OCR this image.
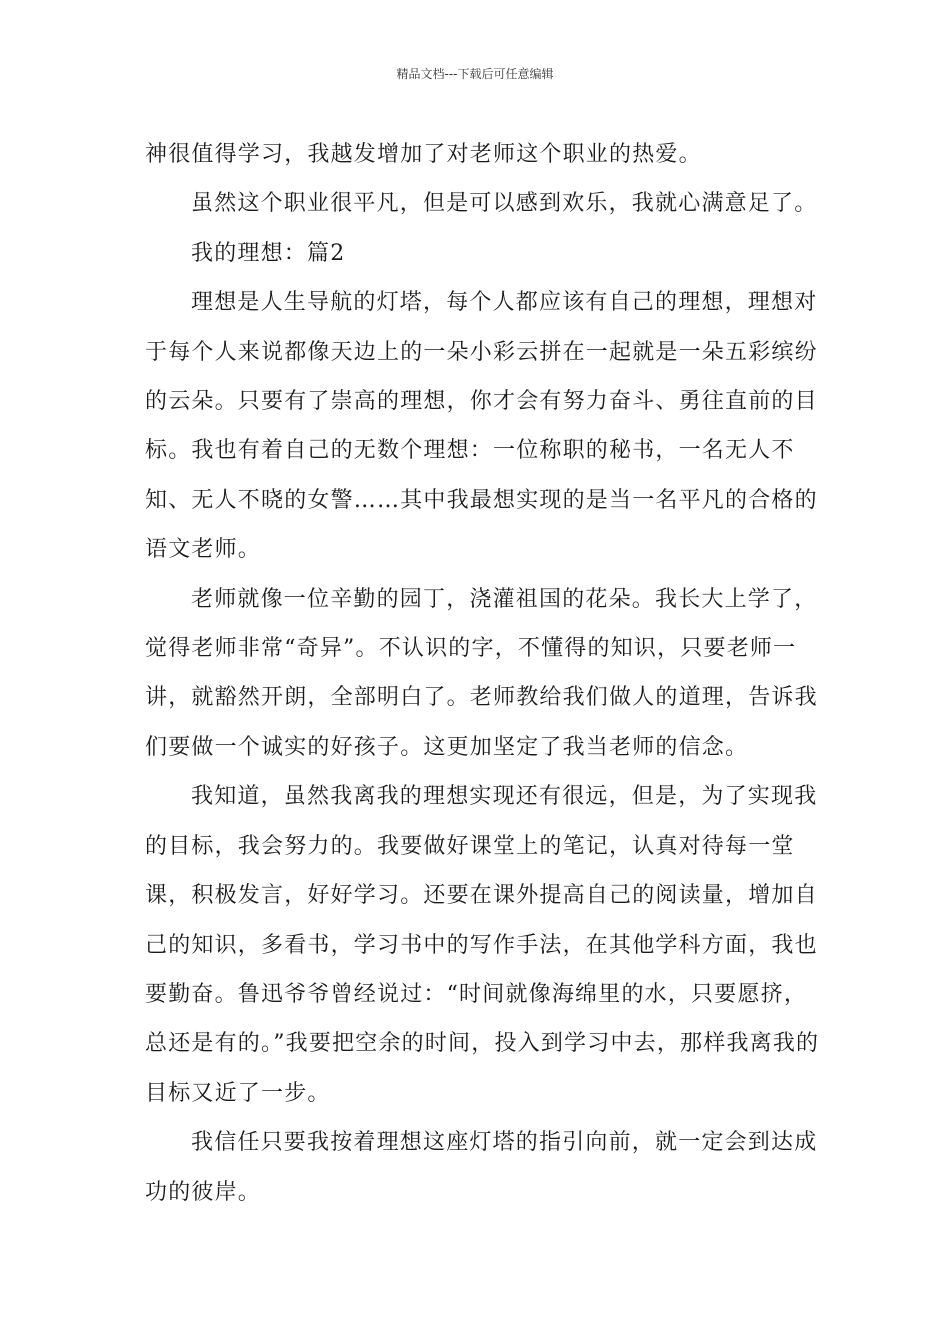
精品文档---下载后可任意编辑

神很值得学习，我越发增加了对老师这个职业的热爱。

虽然这个职业很平凡，但是可以感到欢乐，我就心满意足了。

我的理想：篇2

理想是人生导航的灯塔，每个人都应该有自己的理想，理想对于每个人来说都像天边上的一朵小彩云拼在一起就是一朵五彩缤纷的云朵。只要有了崇高的理想，你才会有努力奋斗、勇往直前的目标。我也有着自己的无数个理想：一位称职的秘书，一名无人不知、无人不晓的女警……其中我最想实现的是当一名平凡的合格的语文老师。

老师就像一位辛勤的园丁，浇灌祖国的花朵。我长大上学了，觉得老师非常“奇异”。不认识的字，不懂得的知识，只要老师一讲，就豁然开朗，全部明白了。老师教给我们做人的道理，告诉我们要做一个诚实的好孩子。这更加坚定了我当老师的信念。

我知道，虽然我离我的理想实现还有很远，但是，为了实现我的目标，我会努力的。我要做好课堂上的笔记，认真对待每一堂课，积极发言，好好学习。还要在课外提高自己的阅读量，增加自己的知识，多看书，学习书中的写作手法，在其他学科方面，我也要勤奋。鲁迅爷爷曾经说过：“时间就像海绵里的水，只要愿挤，总还是有的。”我要把空余的时间，投入到学习中去，那样我离我的目标又近了一步。

我信任只要我按着理想这座灯塔的指引向前，就一定会到达成功的彼岸。
